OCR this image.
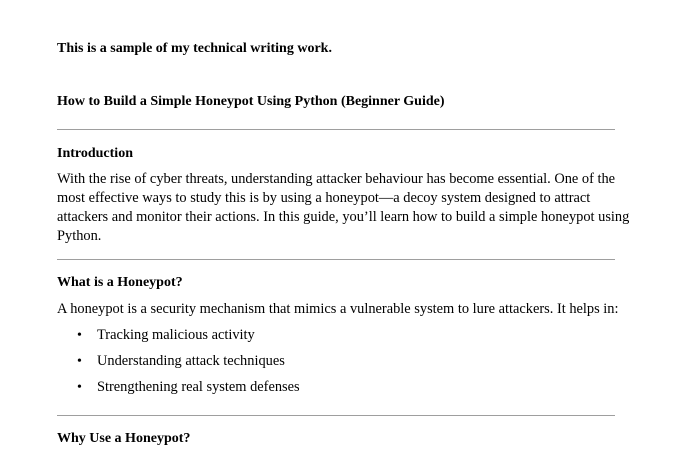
This is a sample of my technical writing work.
How to Build a Simple Honeypot Using Python (Beginner Guide)
Introduction
With the rise of cyber threats, understanding attacker behaviour has become essential. One of the
most effective ways to study this is by using a honeypot—a decoy system designed to attract
attackers and monitor their actions. In this guide, you’ll learn how to build a simple honeypot using
Python.
What is a Honeypot?
A honeypot is a security mechanism that mimics a vulnerable system to lure attackers. It helps in:
• Tracking malicious activity
• Understanding attack techniques
• Strengthening real system defenses
Why Use a Honeypot?
